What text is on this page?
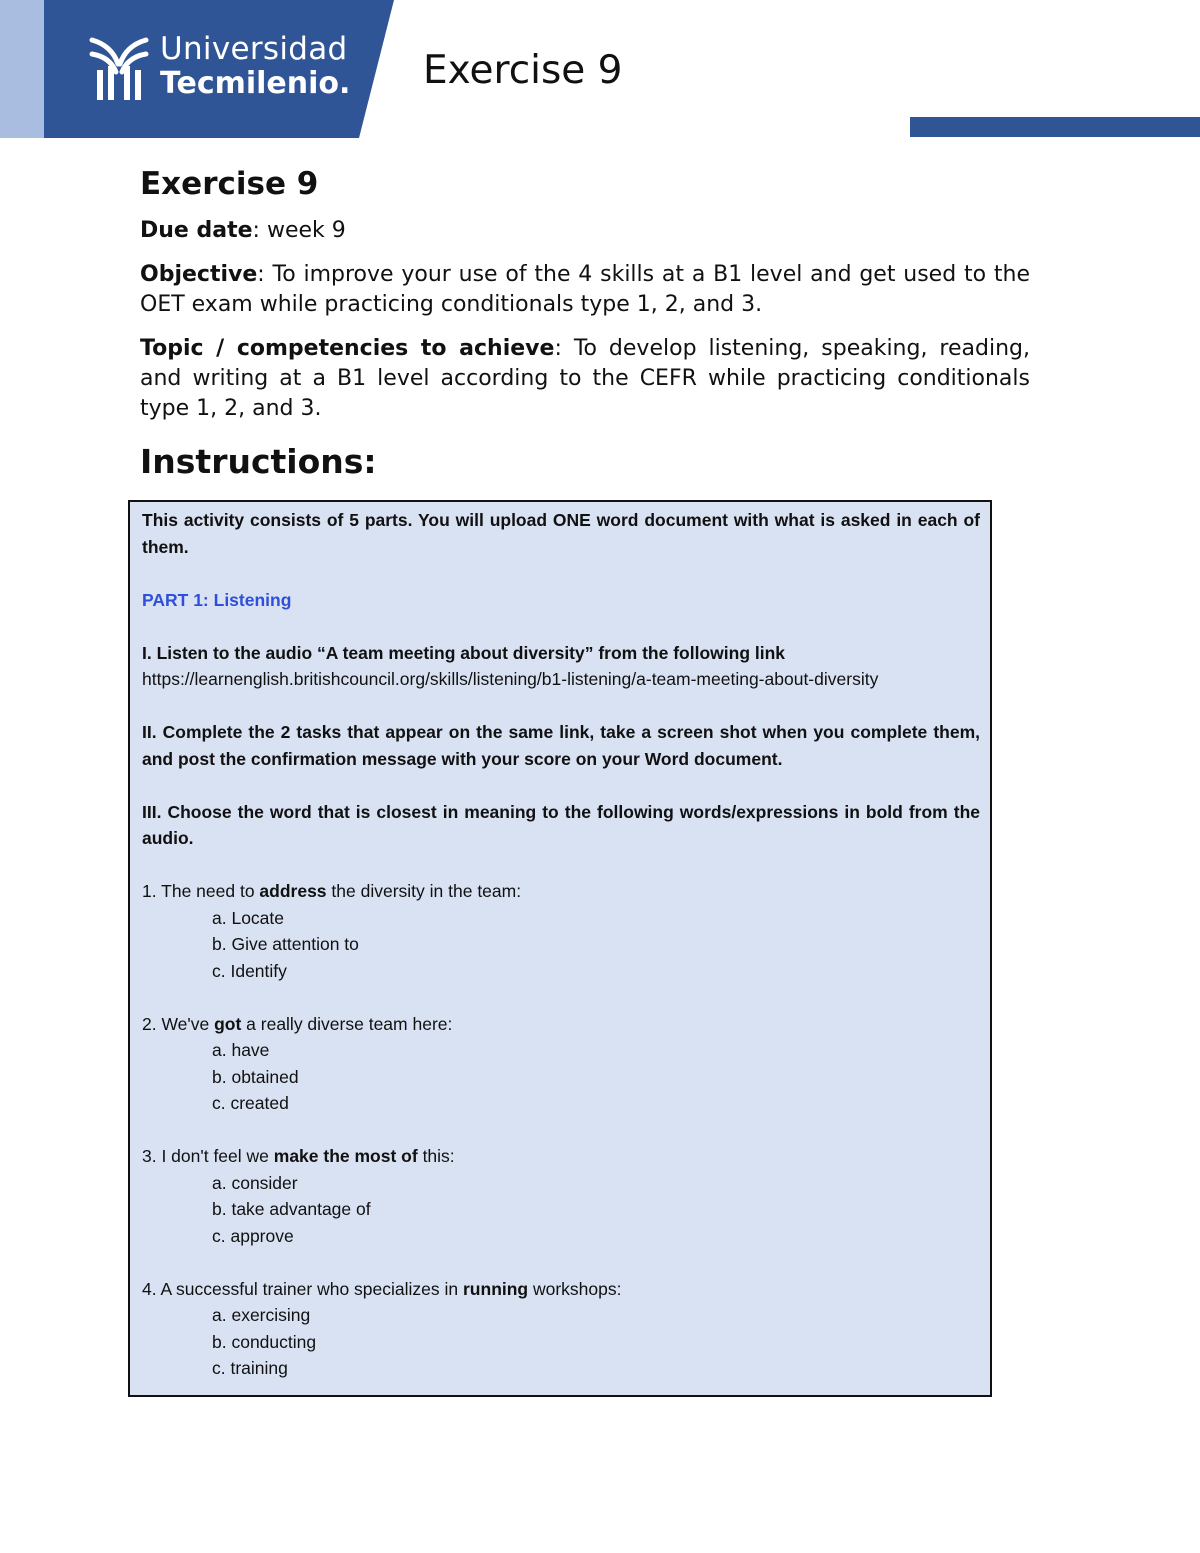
Universidad
Tecmilenio. Exercise 9
Exercise 9

Due date: week 9

Objective: To improve your use of the 4 skills at a B1 level and get used to the OET exam while practicing conditionals type 1, 2, and 3.

Topic / competencies to achieve: To develop listening, speaking, reading, and writing at a B1 level according to the CEFR while practicing conditionals type 1, 2, and 3.

Instructions:

This activity consists of 5 parts. You will upload ONE word document with what is asked in each of them.

PART 1: Listening

I. Listen to the audio “A team meeting about diversity” from the following link

https://learnenglish.britishcouncil.org/skills/listening/b1-listening/a-team-meeting-about-diversity

II. Complete the 2 tasks that appear on the same link, take a screen shot when you complete them, and post the confirmation message with your score on your Word document.

III. Choose the word that is closest in meaning to the following words/expressions in bold from the audio.

1. The need to address the diversity in the team:

a. Locate

b. Give attention to

c. Identify

2. We've got a really diverse team here:

a. have

b. obtained

c. created

3. I don't feel we make the most of this:

a. consider

b. take advantage of

c. approve

4. A successful trainer who specializes in running workshops:

a. exercising

b. conducting

c. training
